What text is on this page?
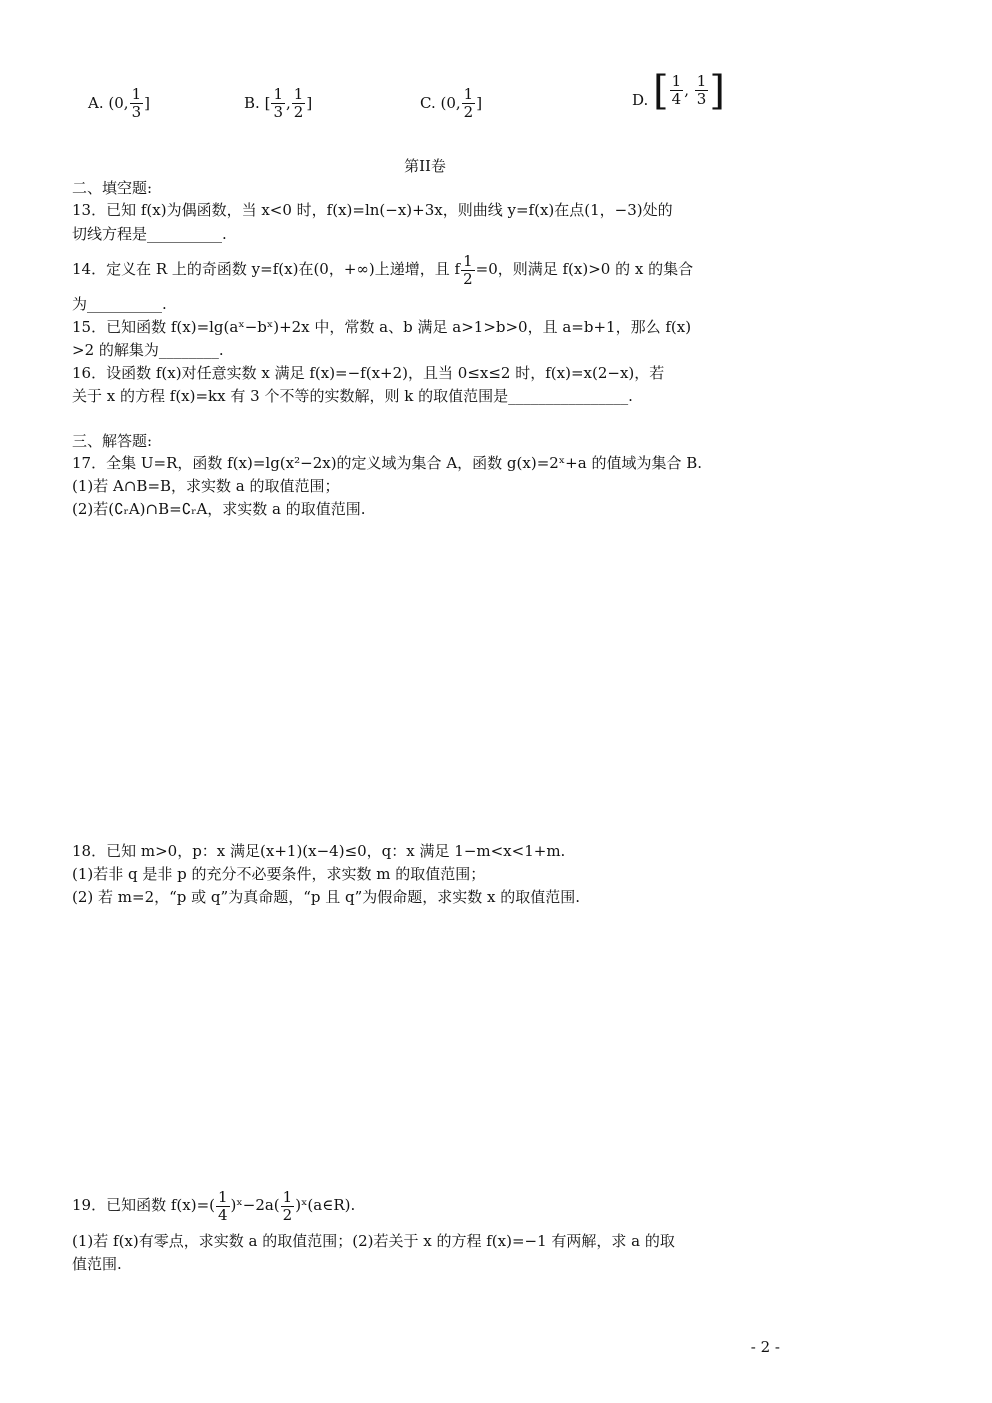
A.
(0, $\frac{1}{3}$ ]	B.
[ $\frac{1}{3}$ , $\frac{1}{2}$ ]	C.
(0, $\frac{1}{2}$ ]	D.
[ $\frac{1}{4}$ ,
$\frac{1}{3}$ ]
第II卷
二、填空题:
13．已知 f(x)为偶函数，当 x<0 时，f(x)=ln(−x)+3x，则曲线 y=f(x)在点(1，−3)处的
切线方程是__________.
14．定义在 R 上的奇函数 y=f(x)在(0，+∞)上递增，且 f $\frac{1}{2} =0$，则满足 f(x)>0 的 x 的集合
为__________.
15．已知函数 f(x)=lg(aˣ−bˣ)+2x 中，常数 a、b 满足 a>1>b>0，且 a=b+1，那么 f(x)
>2 的解集为________.
16．设函数 f(x)对任意实数 x 满足 f(x)=−f(x+2)，且当 0≤x≤2 时，f(x)=x(2−x)，若
关于 x 的方程 f(x)=kx 有 3 个不等的实数解，则 k 的取值范围是________________.
三、解答题:
17．全集 U=R，函数 f(x)=lg(x²−2x)的定义域为集合 A，函数 g(x)=2ˣ+a 的值域为集合 B.
(1)若 A∩B=B，求实数 a 的取值范围；
(2)若(∁ᵣA)∩B=∁ᵣA，求实数 a 的取值范围.
18．已知 m>0，p：x 满足(x+1)(x−4)≤0，q：x 满足 1−m<x<1+m.
(1)若非 q 是非 p 的充分不必要条件，求实数 m 的取值范围；
(2) 若 m=2，“p 或 q”为真命题，“p 且 q”为假命题，求实数 x 的取值范围.
19．已知函数 $f(x)=( \frac{1}{4}$ )ˣ−2a( $\frac{1}{2}$ )ˣ(a∈R).
(1)若 f(x)有零点，求实数 a 的取值范围；(2)若关于 x 的方程 f(x)=−1 有两解，求 a 的取
值范围.
- 2 -
